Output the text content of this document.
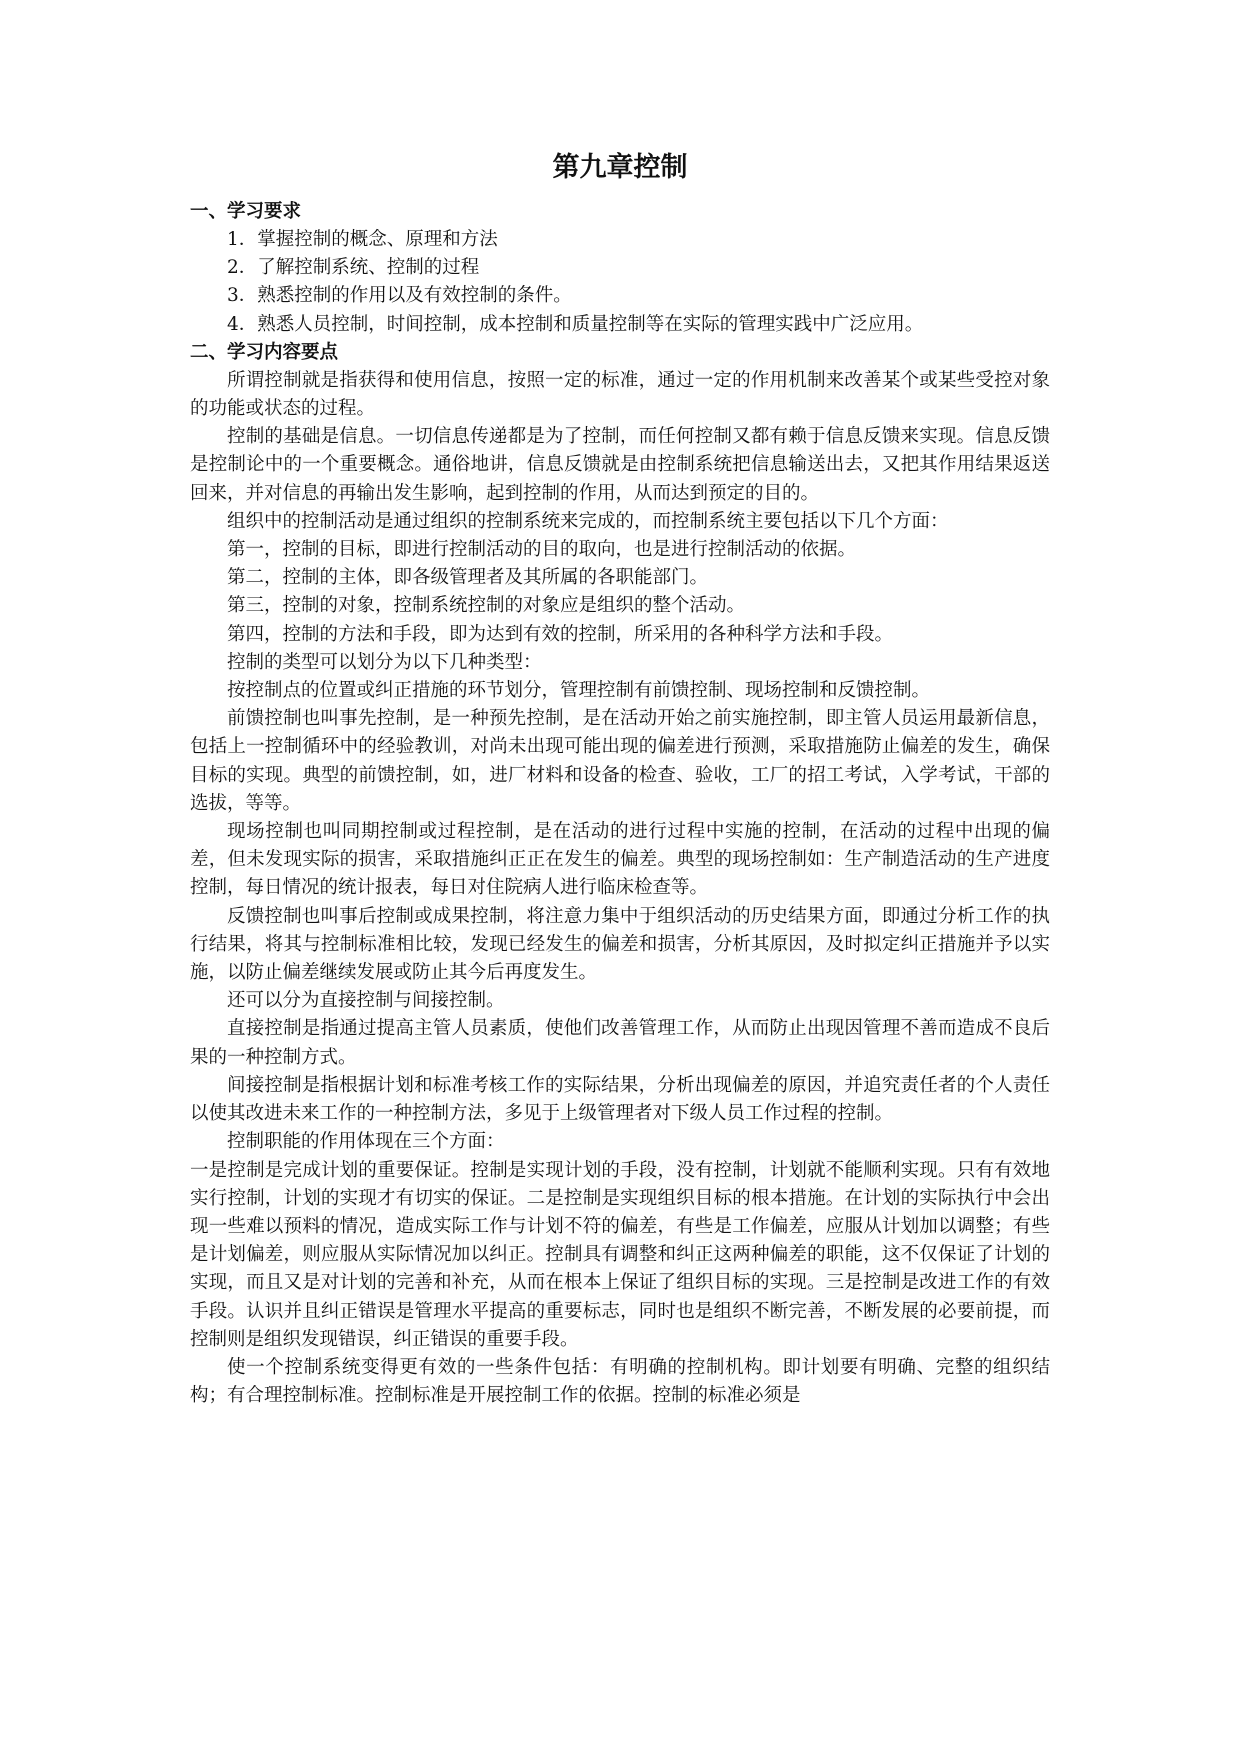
第九章控制
一、学习要求

1．掌握控制的概念、原理和方法

2．了解控制系统、控制的过程

3．熟悉控制的作用以及有效控制的条件。

4．熟悉人员控制，时间控制，成本控制和质量控制等在实际的管理实践中广泛应用。

二、学习内容要点

所谓控制就是指获得和使用信息，按照一定的标准，通过一定的作用机制来改善某个或某些受控对象的功能或状态的过程。

控制的基础是信息。一切信息传递都是为了控制，而任何控制又都有赖于信息反馈来实现。信息反馈是控制论中的一个重要概念。通俗地讲，信息反馈就是由控制系统把信息输送出去，又把其作用结果返送回来，并对信息的再输出发生影响，起到控制的作用，从而达到预定的目的。

组织中的控制活动是通过组织的控制系统来完成的，而控制系统主要包括以下几个方面：

第一，控制的目标，即进行控制活动的目的取向，也是进行控制活动的依据。

第二，控制的主体，即各级管理者及其所属的各职能部门。

第三，控制的对象，控制系统控制的对象应是组织的整个活动。

第四，控制的方法和手段，即为达到有效的控制，所采用的各种科学方法和手段。

控制的类型可以划分为以下几种类型：

按控制点的位置或纠正措施的环节划分，管理控制有前馈控制、现场控制和反馈控制。

前馈控制也叫事先控制，是一种预先控制，是在活动开始之前实施控制，即主管人员运用最新信息，包括上一控制循环中的经验教训，对尚未出现可能出现的偏差进行预测，采取措施防止偏差的发生，确保目标的实现。典型的前馈控制，如，进厂材料和设备的检查、验收，工厂的招工考试，入学考试，干部的选拔，等等。

现场控制也叫同期控制或过程控制，是在活动的进行过程中实施的控制，在活动的过程中出现的偏差，但未发现实际的损害，采取措施纠正正在发生的偏差。典型的现场控制如：生产制造活动的生产进度控制，每日情况的统计报表，每日对住院病人进行临床检查等。

反馈控制也叫事后控制或成果控制，将注意力集中于组织活动的历史结果方面，即通过分析工作的执行结果，将其与控制标准相比较，发现已经发生的偏差和损害，分析其原因，及时拟定纠正措施并予以实施，以防止偏差继续发展或防止其今后再度发生。

还可以分为直接控制与间接控制。

直接控制是指通过提高主管人员素质，使他们改善管理工作，从而防止出现因管理不善而造成不良后果的一种控制方式。

间接控制是指根据计划和标准考核工作的实际结果，分析出现偏差的原因，并追究责任者的个人责任以使其改进未来工作的一种控制方法，多见于上级管理者对下级人员工作过程的控制。

控制职能的作用体现在三个方面：

一是控制是完成计划的重要保证。控制是实现计划的手段，没有控制，计划就不能顺利实现。只有有效地实行控制，计划的实现才有切实的保证。二是控制是实现组织目标的根本措施。在计划的实际执行中会出现一些难以预料的情况，造成实际工作与计划不符的偏差，有些是工作偏差，应服从计划加以调整；有些是计划偏差，则应服从实际情况加以纠正。控制具有调整和纠正这两种偏差的职能，这不仅保证了计划的实现，而且又是对计划的完善和补充，从而在根本上保证了组织目标的实现。三是控制是改进工作的有效手段。认识并且纠正错误是管理水平提高的重要标志，同时也是组织不断完善，不断发展的必要前提，而控制则是组织发现错误，纠正错误的重要手段。

使一个控制系统变得更有效的一些条件包括：有明确的控制机构。即计划要有明确、完整的组织结构；有合理控制标准。控制标准是开展控制工作的依据。控制的标准必须是
